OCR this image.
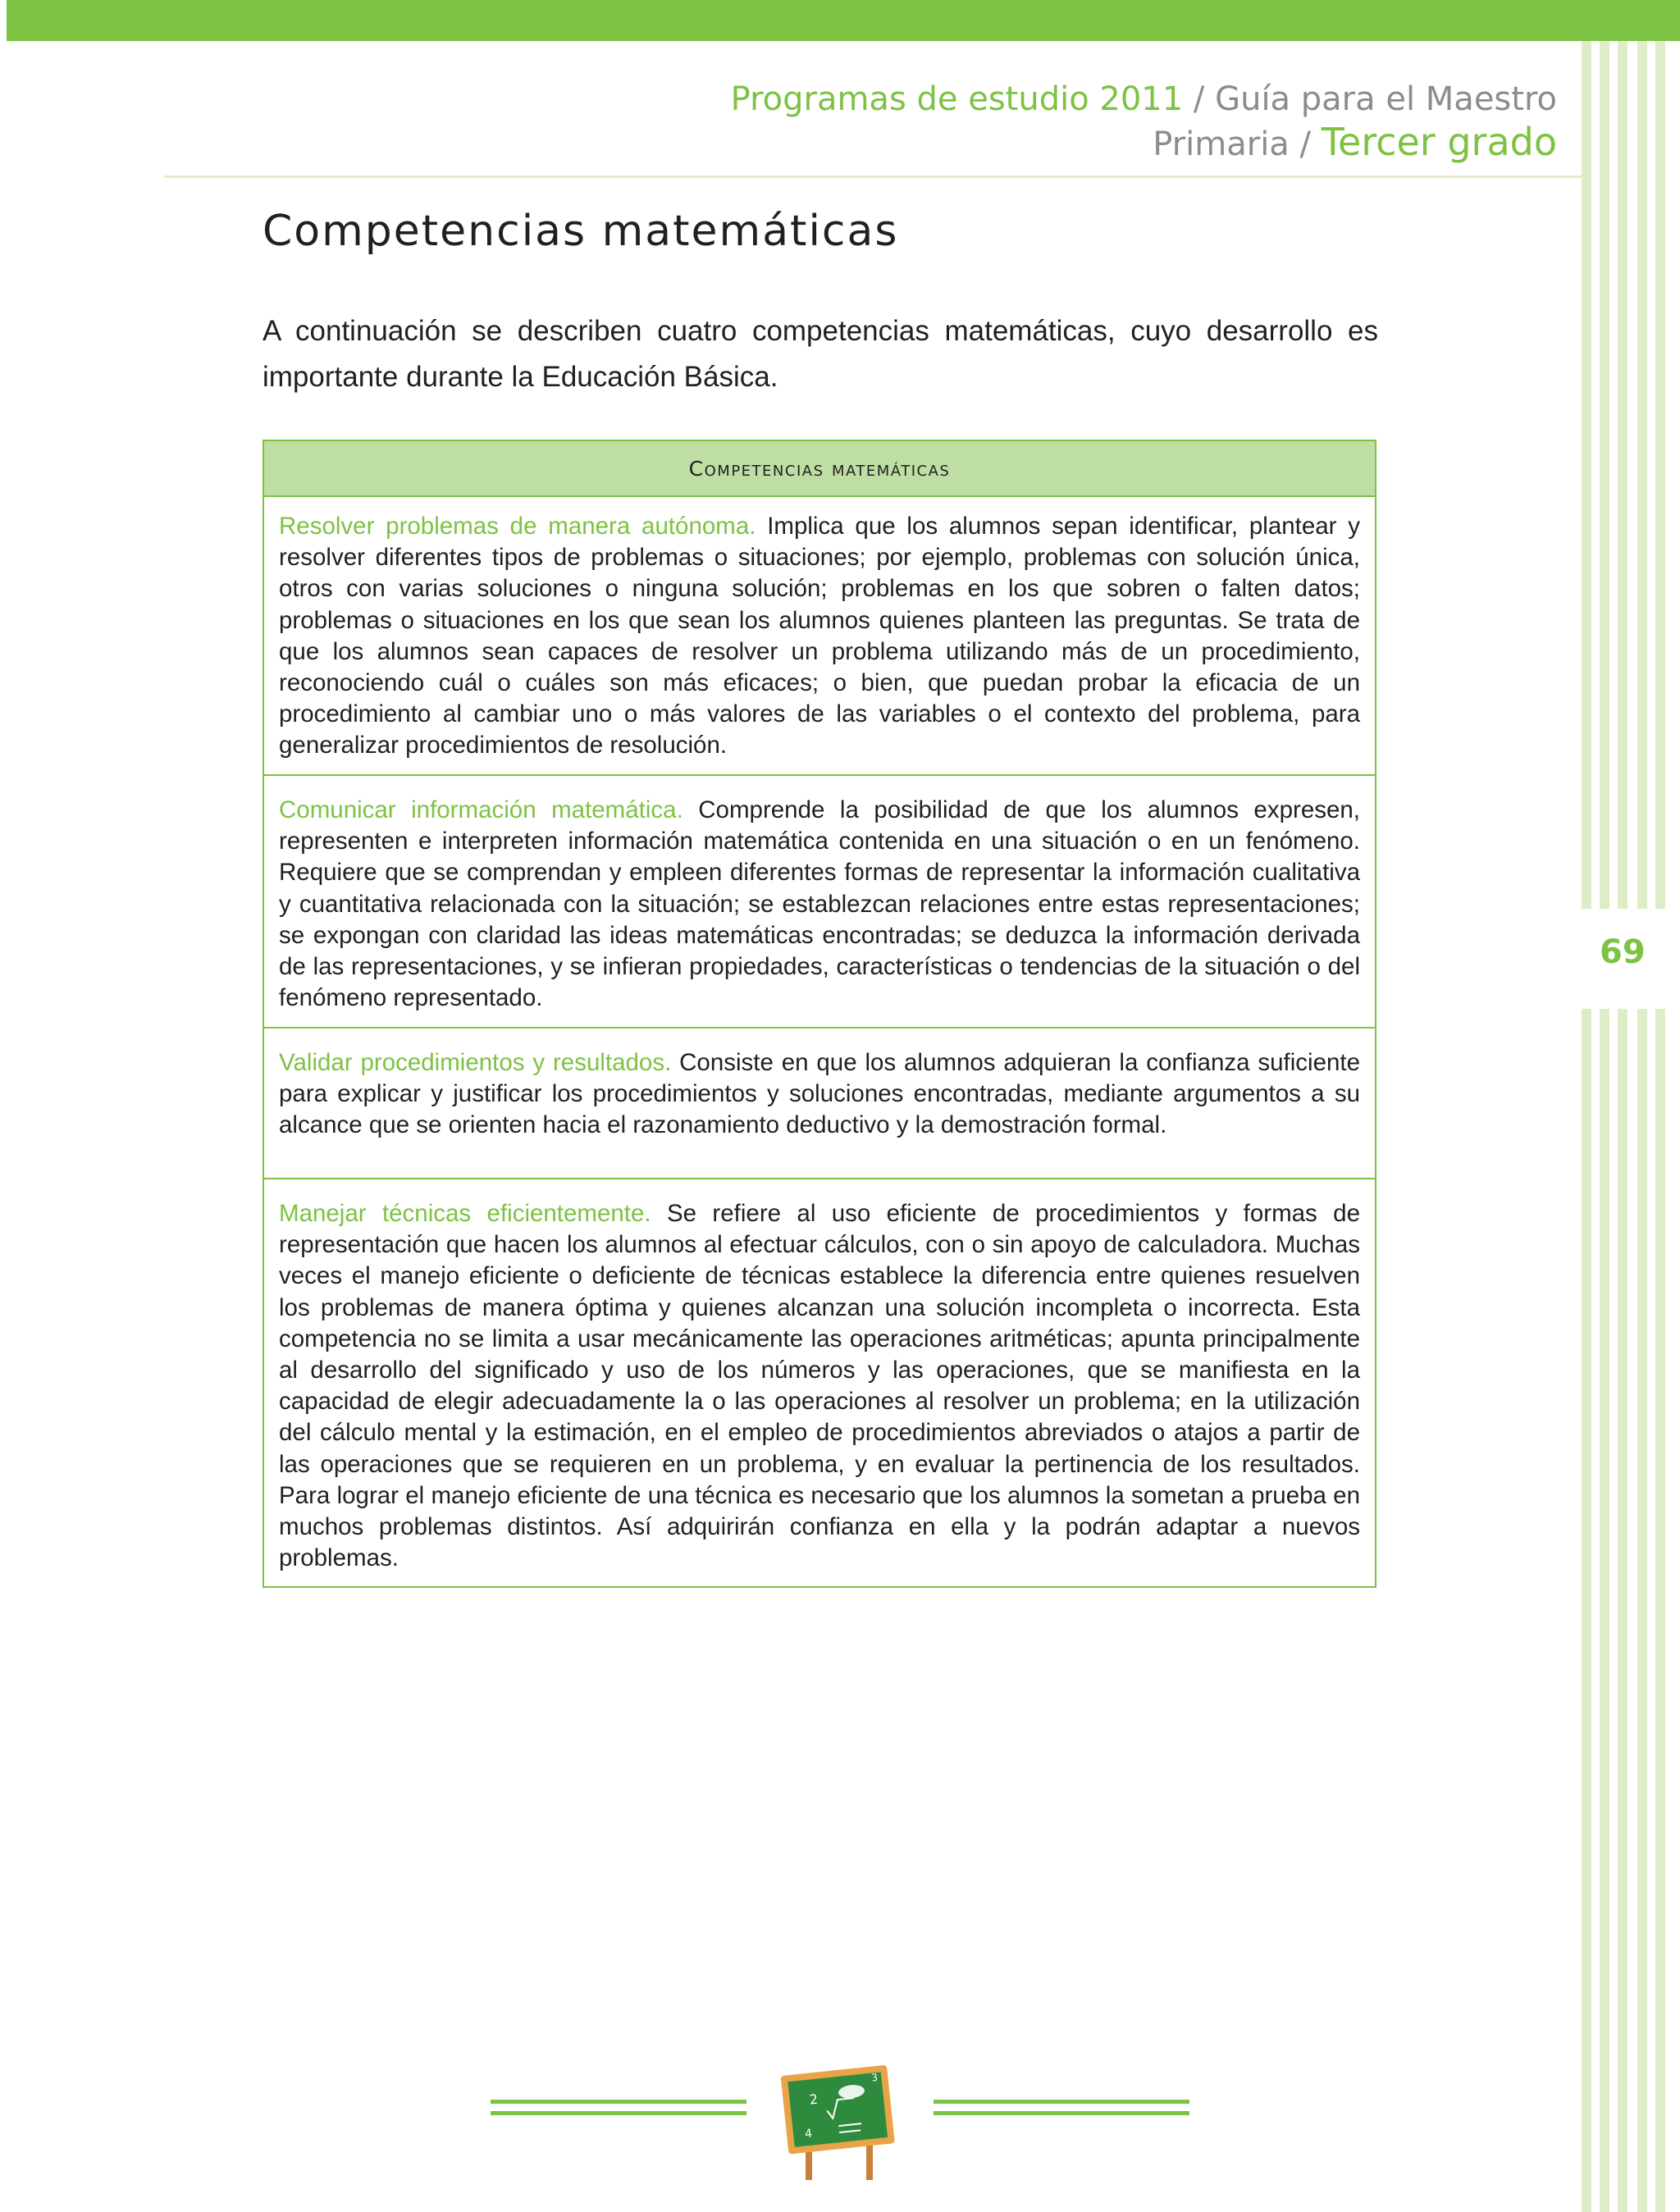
Programas de estudio 2011 / Guía para el Maestro
Primaria / Tercer grado
Competencias matemáticas

A continuación se describen cuatro competencias matemáticas, cuyo desarrollo es importante durante la Educación Básica.

Competencias matemáticas
Resolver problemas de manera autónoma. Implica que los alumnos sepan identificar, plantear y resolver diferentes tipos de problemas o situaciones; por ejemplo, problemas con solución única, otros con varias soluciones o ninguna solución; problemas en los que sobren o falten datos; problemas o situaciones en los que sean los alumnos quienes planteen las preguntas. Se trata de que los alumnos sean capaces de resolver un problema utilizando más de un procedimiento, reconociendo cuál o cuáles son más eficaces; o bien, que puedan probar la eficacia de un procedimiento al cambiar uno o más valores de las variables o el contexto del problema, para generalizar procedimientos de resolución.
Comunicar información matemática. Comprende la posibilidad de que los alumnos expresen, representen e interpreten información matemática contenida en una situación o en un fenómeno. Requiere que se comprendan y empleen diferentes formas de representar la información cualitativa y cuantitativa relacionada con la situación; se establezcan relaciones entre estas representaciones; se expongan con claridad las ideas matemáticas encontradas; se deduzca la información derivada de las representaciones, y se infieran propiedades, características o tendencias de la situación o del fenómeno representado.
Validar procedimientos y resultados. Consiste en que los alumnos adquieran la confianza suficiente para explicar y justificar los procedimientos y soluciones encontradas, mediante argumentos a su alcance que se orienten hacia el razonamiento deductivo y la demostración formal.
Manejar técnicas eficientemente. Se refiere al uso eficiente de procedimientos y formas de representación que hacen los alumnos al efectuar cálculos, con o sin apoyo de calculadora. Muchas veces el manejo eficiente o deficiente de técnicas establece la diferencia entre quienes resuelven los problemas de manera óptima y quienes alcanzan una solución incompleta o incorrecta. Esta competencia no se limita a usar mecánicamente las operaciones aritméticas; apunta principalmente al desarrollo del significado y uso de los números y las operaciones, que se manifiesta en la capacidad de elegir adecuadamente la o las operaciones al resolver un problema; en la utilización del cálculo mental y la estimación, en el empleo de procedimientos abreviados o atajos a partir de las operaciones que se requieren en un problema, y en evaluar la pertinencia de los resultados. Para lograr el manejo eficiente de una técnica es necesario que los alumnos la sometan a prueba en muchos problemas distintos. Así adquirirán confianza en ella y la podrán adaptar a nuevos problemas.
69
2
4
3
